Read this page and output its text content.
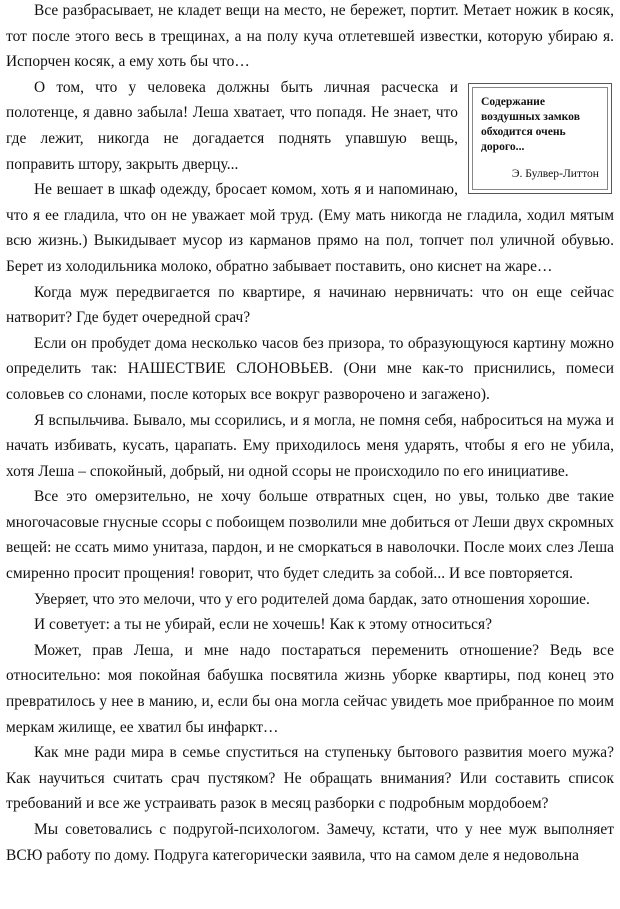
Все разбрасывает, не кладет вещи на место, не бережет, портит. Метает ножик в косяк, тот после этого весь в трещинах, а на полу куча отлетевшей известки, которую убираю я. Испорчен косяк, а ему хоть бы что…

Содержание воздушных замков обходится очень дорого...

Э. Булвер-Литтон

О том, что у человека должны быть личная расческа и полотенце, я давно забыла! Леша хватает, что попадя. Не знает, что где лежит, никогда не догадается поднять упавшую вещь, поправить штору, закрыть дверцу...

Не вешает в шкаф одежду, бросает комом, хоть я и напоминаю, что я ее гладила, что он не уважает мой труд. (Ему мать никогда не гладила, ходил мятым всю жизнь.) Выкидывает мусор из карманов прямо на пол, топчет пол уличной обувью. Берет из холодильника молоко, обратно забывает поставить, оно киснет на жаре…

Когда муж передвигается по квартире, я начинаю нервничать: что он еще сейчас натворит? Где будет очередной срач?

Если он пробудет дома несколько часов без призора, то образующуюся картину можно определить так: НАШЕСТВИЕ СЛОНОВЬЕВ. (Они мне как-то приснились, помеси соловьев со слонами, после которых все вокруг разворочено и загажено).

Я вспыльчива. Бывало, мы ссорились, и я могла, не помня себя, наброситься на мужа и начать избивать, кусать, царапать. Ему приходилось меня ударять, чтобы я его не убила, хотя Леша – спокойный, добрый, ни одной ссоры не происходило по его инициативе.

Все это омерзительно, не хочу больше отвратных сцен, но увы, только две такие многочасовые гнусные ссоры с побоищем позволили мне добиться от Леши двух скромных вещей: не ссать мимо унитаза, пардон, и не сморкаться в наволочки. После моих слез Леша смиренно просит прощения! говорит, что будет следить за собой... И все повторяется.

Уверяет, что это мелочи, что у его родителей дома бардак, зато отношения хорошие.

И советует: а ты не убирай, если не хочешь! Как к этому относиться?

Может, прав Леша, и мне надо постараться переменить отношение? Ведь все относительно: моя покойная бабушка посвятила жизнь уборке квартиры, под конец это превратилось у нее в манию, и, если бы она могла сейчас увидеть мое прибранное по моим меркам жилище, ее хватил бы инфаркт…

Как мне ради мира в семье спуститься на ступеньку бытового развития моего мужа? Как научиться считать срач пустяком? Не обращать внимания? Или составить список требований и все же устраивать разок в месяц разборки с подробным мордобоем?

Мы советовались с подругой-психологом. Замечу, кстати, что у нее муж выполняет ВСЮ работу по дому. Подруга категорически заявила, что на самом деле я недовольна
